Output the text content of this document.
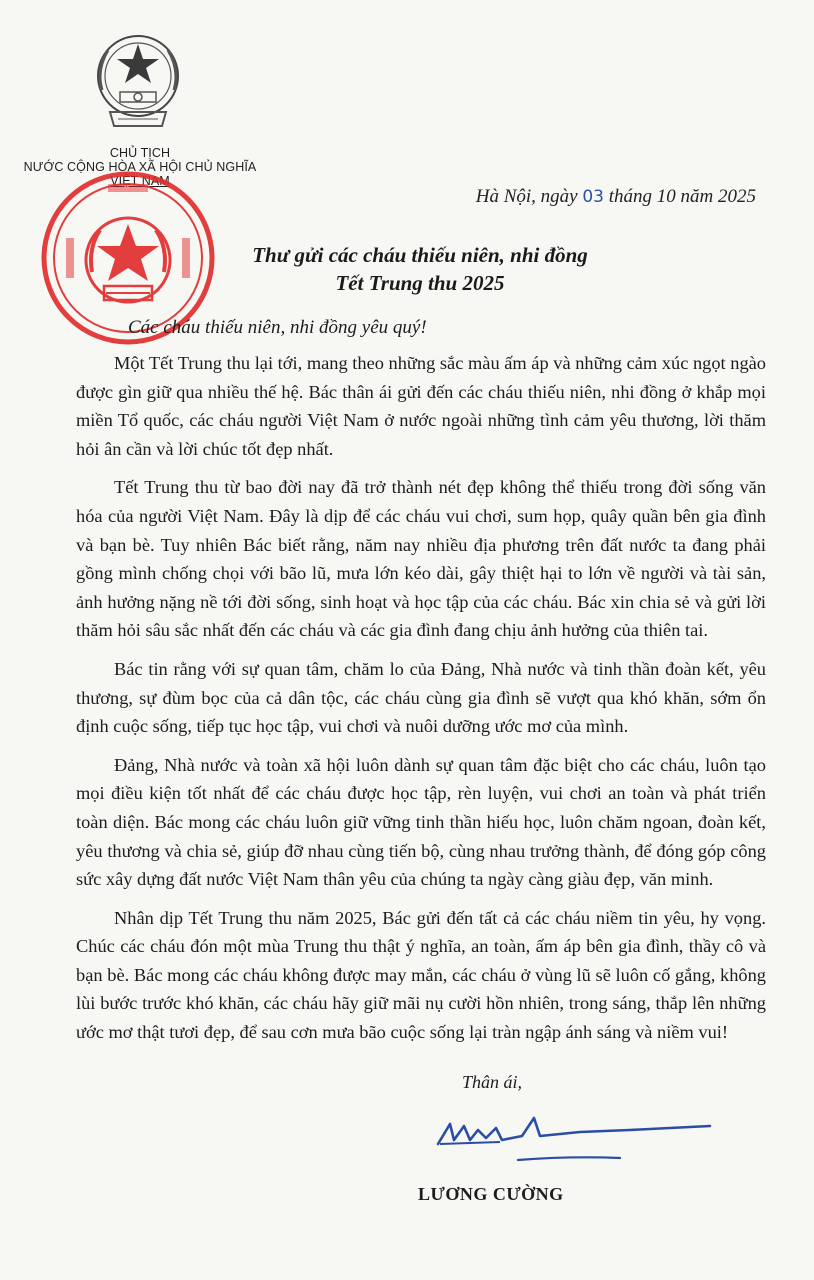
CHỦ TỊCH
NƯỚC CỘNG HÒA XÃ HỘI CHỦ NGHĨA
VIỆT NAM
Hà Nội, ngày 03 tháng 10 năm 2025
Thư gửi các cháu thiếu niên, nhi đồng
Tết Trung thu 2025
Các cháu thiếu niên, nhi đồng yêu quý!

Một Tết Trung thu lại tới, mang theo những sắc màu ấm áp và những cảm xúc ngọt ngào được gìn giữ qua nhiều thế hệ. Bác thân ái gửi đến các cháu thiếu niên, nhi đồng ở khắp mọi miền Tổ quốc, các cháu người Việt Nam ở nước ngoài những tình cảm yêu thương, lời thăm hỏi ân cần và lời chúc tốt đẹp nhất.

Tết Trung thu từ bao đời nay đã trở thành nét đẹp không thể thiếu trong đời sống văn hóa của người Việt Nam. Đây là dịp để các cháu vui chơi, sum họp, quây quần bên gia đình và bạn bè. Tuy nhiên Bác biết rằng, năm nay nhiều địa phương trên đất nước ta đang phải gồng mình chống chọi với bão lũ, mưa lớn kéo dài, gây thiệt hại to lớn về người và tài sản, ảnh hưởng nặng nề tới đời sống, sinh hoạt và học tập của các cháu. Bác xin chia sẻ và gửi lời thăm hỏi sâu sắc nhất đến các cháu và các gia đình đang chịu ảnh hưởng của thiên tai.

Bác tin rằng với sự quan tâm, chăm lo của Đảng, Nhà nước và tinh thần đoàn kết, yêu thương, sự đùm bọc của cả dân tộc, các cháu cùng gia đình sẽ vượt qua khó khăn, sớm ổn định cuộc sống, tiếp tục học tập, vui chơi và nuôi dưỡng ước mơ của mình.

Đảng, Nhà nước và toàn xã hội luôn dành sự quan tâm đặc biệt cho các cháu, luôn tạo mọi điều kiện tốt nhất để các cháu được học tập, rèn luyện, vui chơi an toàn và phát triển toàn diện. Bác mong các cháu luôn giữ vững tinh thần hiếu học, luôn chăm ngoan, đoàn kết, yêu thương và chia sẻ, giúp đỡ nhau cùng tiến bộ, cùng nhau trưởng thành, để đóng góp công sức xây dựng đất nước Việt Nam thân yêu của chúng ta ngày càng giàu đẹp, văn minh.

Nhân dịp Tết Trung thu năm 2025, Bác gửi đến tất cả các cháu niềm tin yêu, hy vọng. Chúc các cháu đón một mùa Trung thu thật ý nghĩa, an toàn, ấm áp bên gia đình, thầy cô và bạn bè. Bác mong các cháu không được may mắn, các cháu ở vùng lũ sẽ luôn cố gắng, không lùi bước trước khó khăn, các cháu hãy giữ mãi nụ cười hồn nhiên, trong sáng, thắp lên những ước mơ thật tươi đẹp, để sau cơn mưa bão cuộc sống lại tràn ngập ánh sáng và niềm vui!

Thân ái,
LƯƠNG CƯỜNG
